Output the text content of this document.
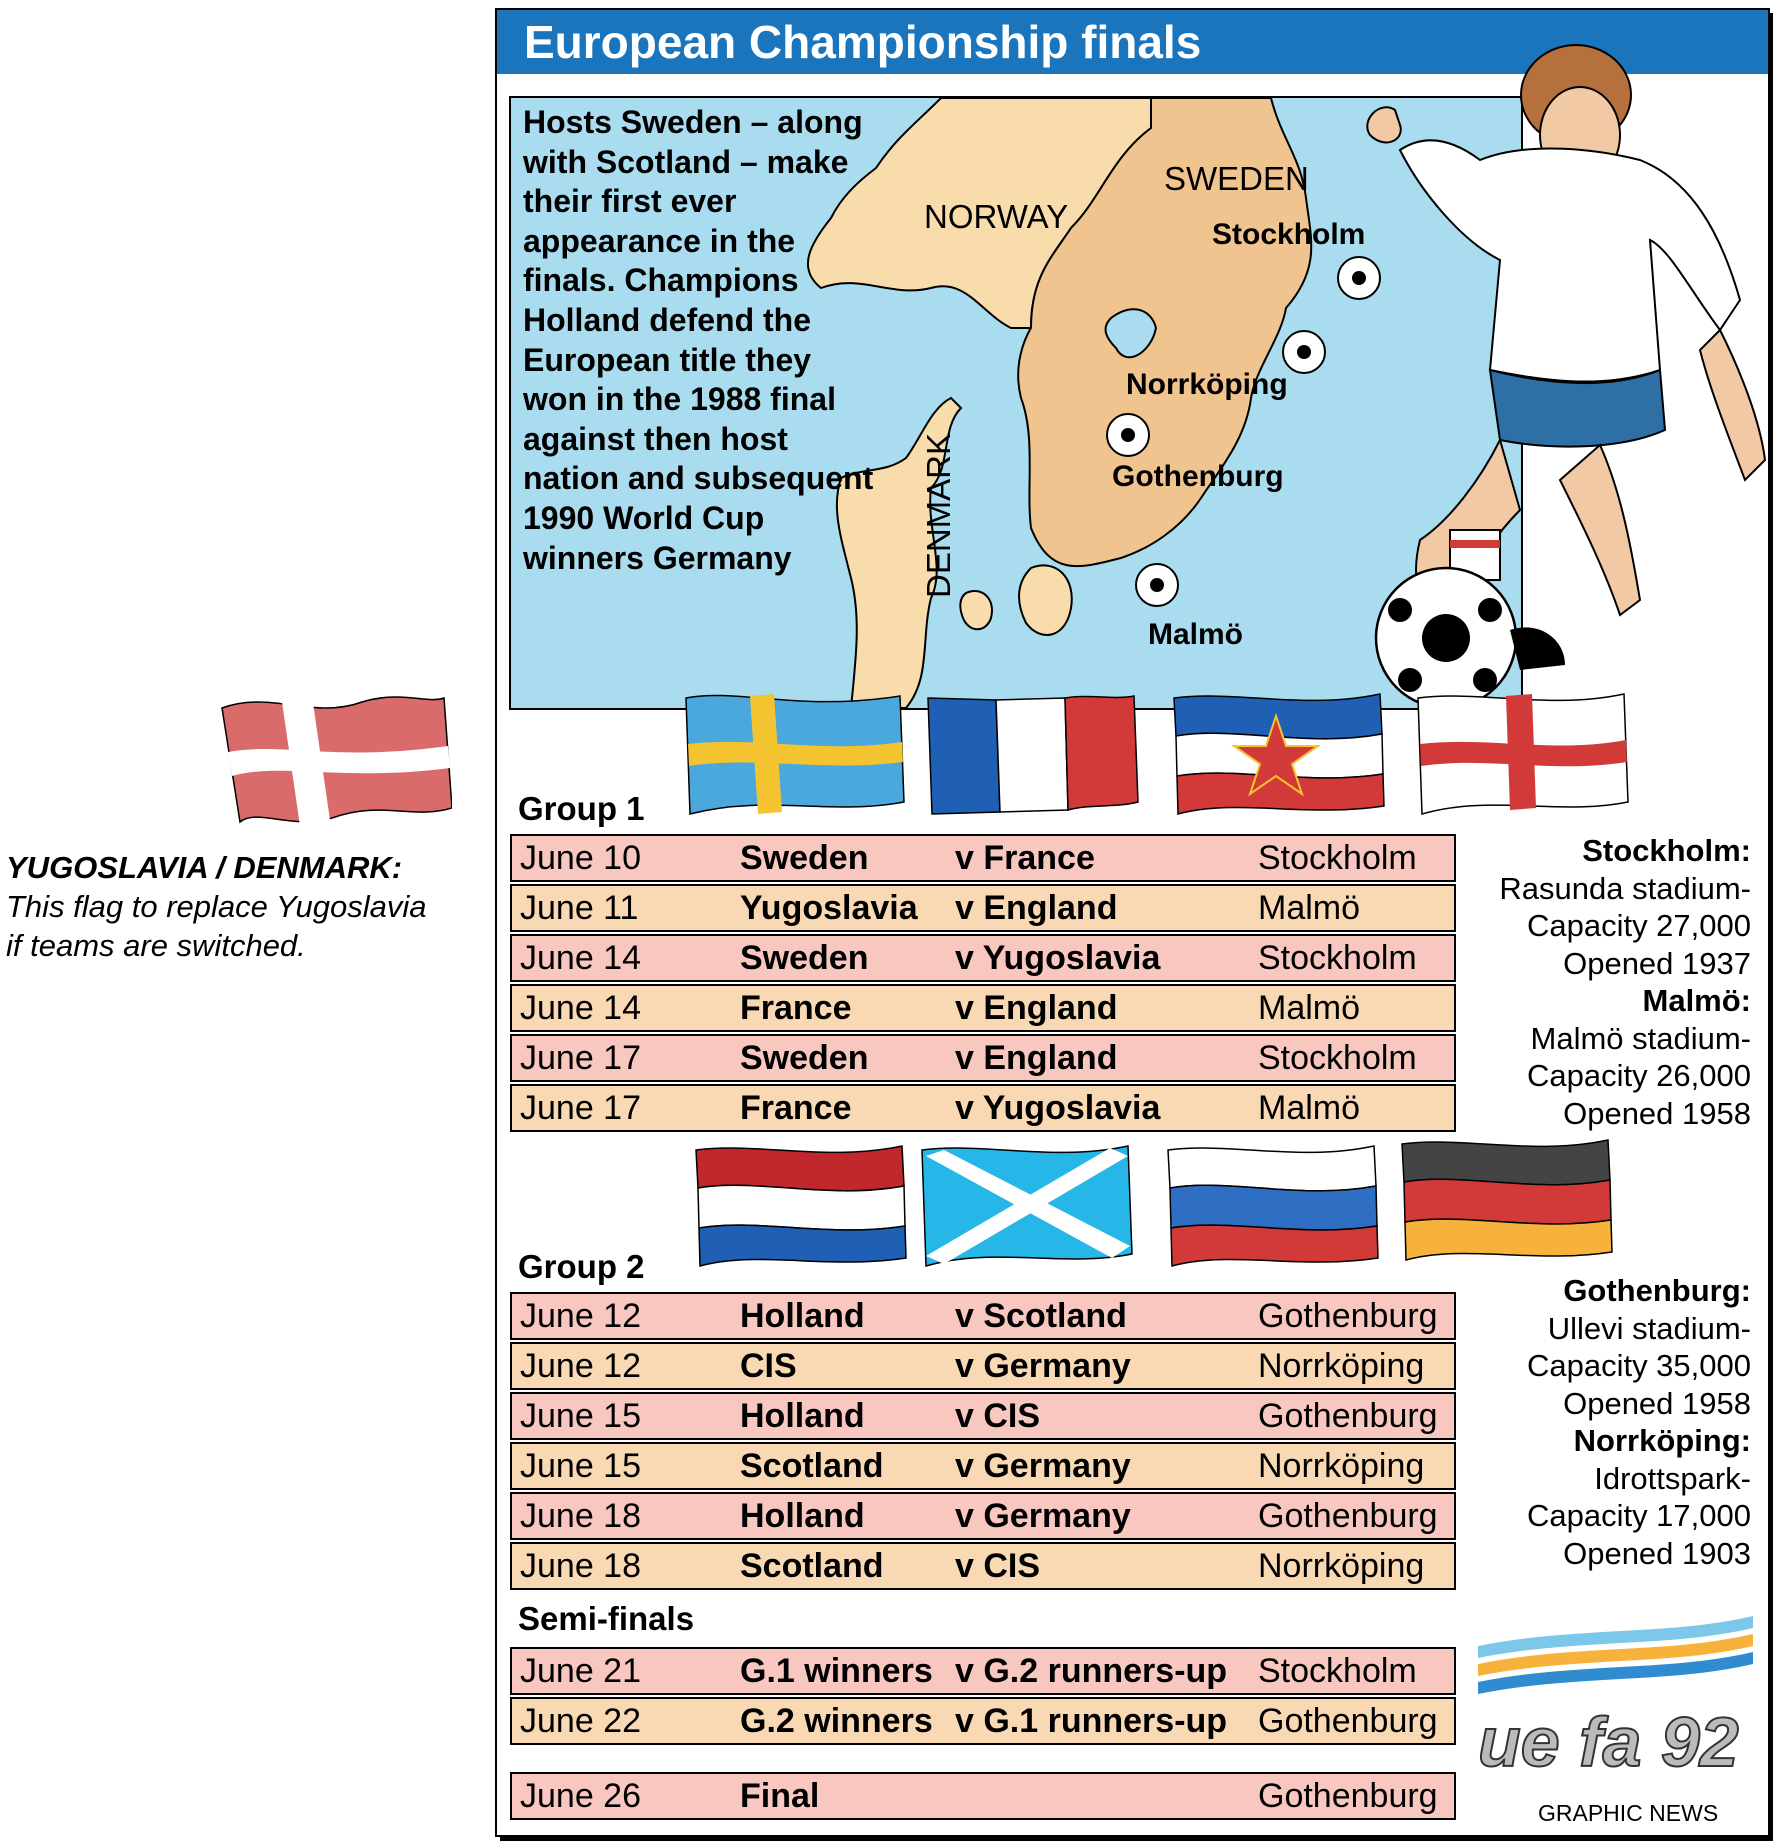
YUGOSLAVIA / DENMARK:
This flag to replace Yugoslavia if teams are switched.
European Championship finals
Hosts Sweden – along with Scotland – make their first ever appearance in the finals. Champions Holland defend the European title they won in the 1988 final against then host nation and subsequent 1990 World Cup winners Germany
NORWAY
SWEDEN
DENMARK
Stockholm
Norrköping
Gothenburg
Malmö
Group 1
June 10	Sweden	v France	Stockholm
June 11	Yugoslavia v England	Malmö
June 14	Sweden	v Yugoslavia	Stockholm
June 14	France	v England	Malmö
June 17	Sweden	v England	Stockholm
June 17	France	v Yugoslavia	Malmö
Group 2
June 12	Holland	v Scotland	Gothenburg
June 12	CIS	v Germany	Norrköping
June 15	Holland	v CIS	Gothenburg
June 15	Scotland v Germany	Norrköping
June 18	Holland	v Germany	Gothenburg
June 18	Scotland v CIS	Norrköping
Semi-finals
June 21	G.1 winners v G.2 runners-up Stockholm
June 22	G.2 winners v G.1 runners-up Gothenburg
June 26	Final	Gothenburg
Stockholm:
Rasunda stadium-
Capacity 27,000
Opened 1937
Malmö:
Malmö stadium-
Capacity 26,000
Opened 1958
Gothenburg:
Ullevi stadium-
Capacity 35,000
Opened 1958
Norrköping:
Idrottspark-
Capacity 17,000
Opened 1903
ue fa 92
GRAPHIC NEWS
